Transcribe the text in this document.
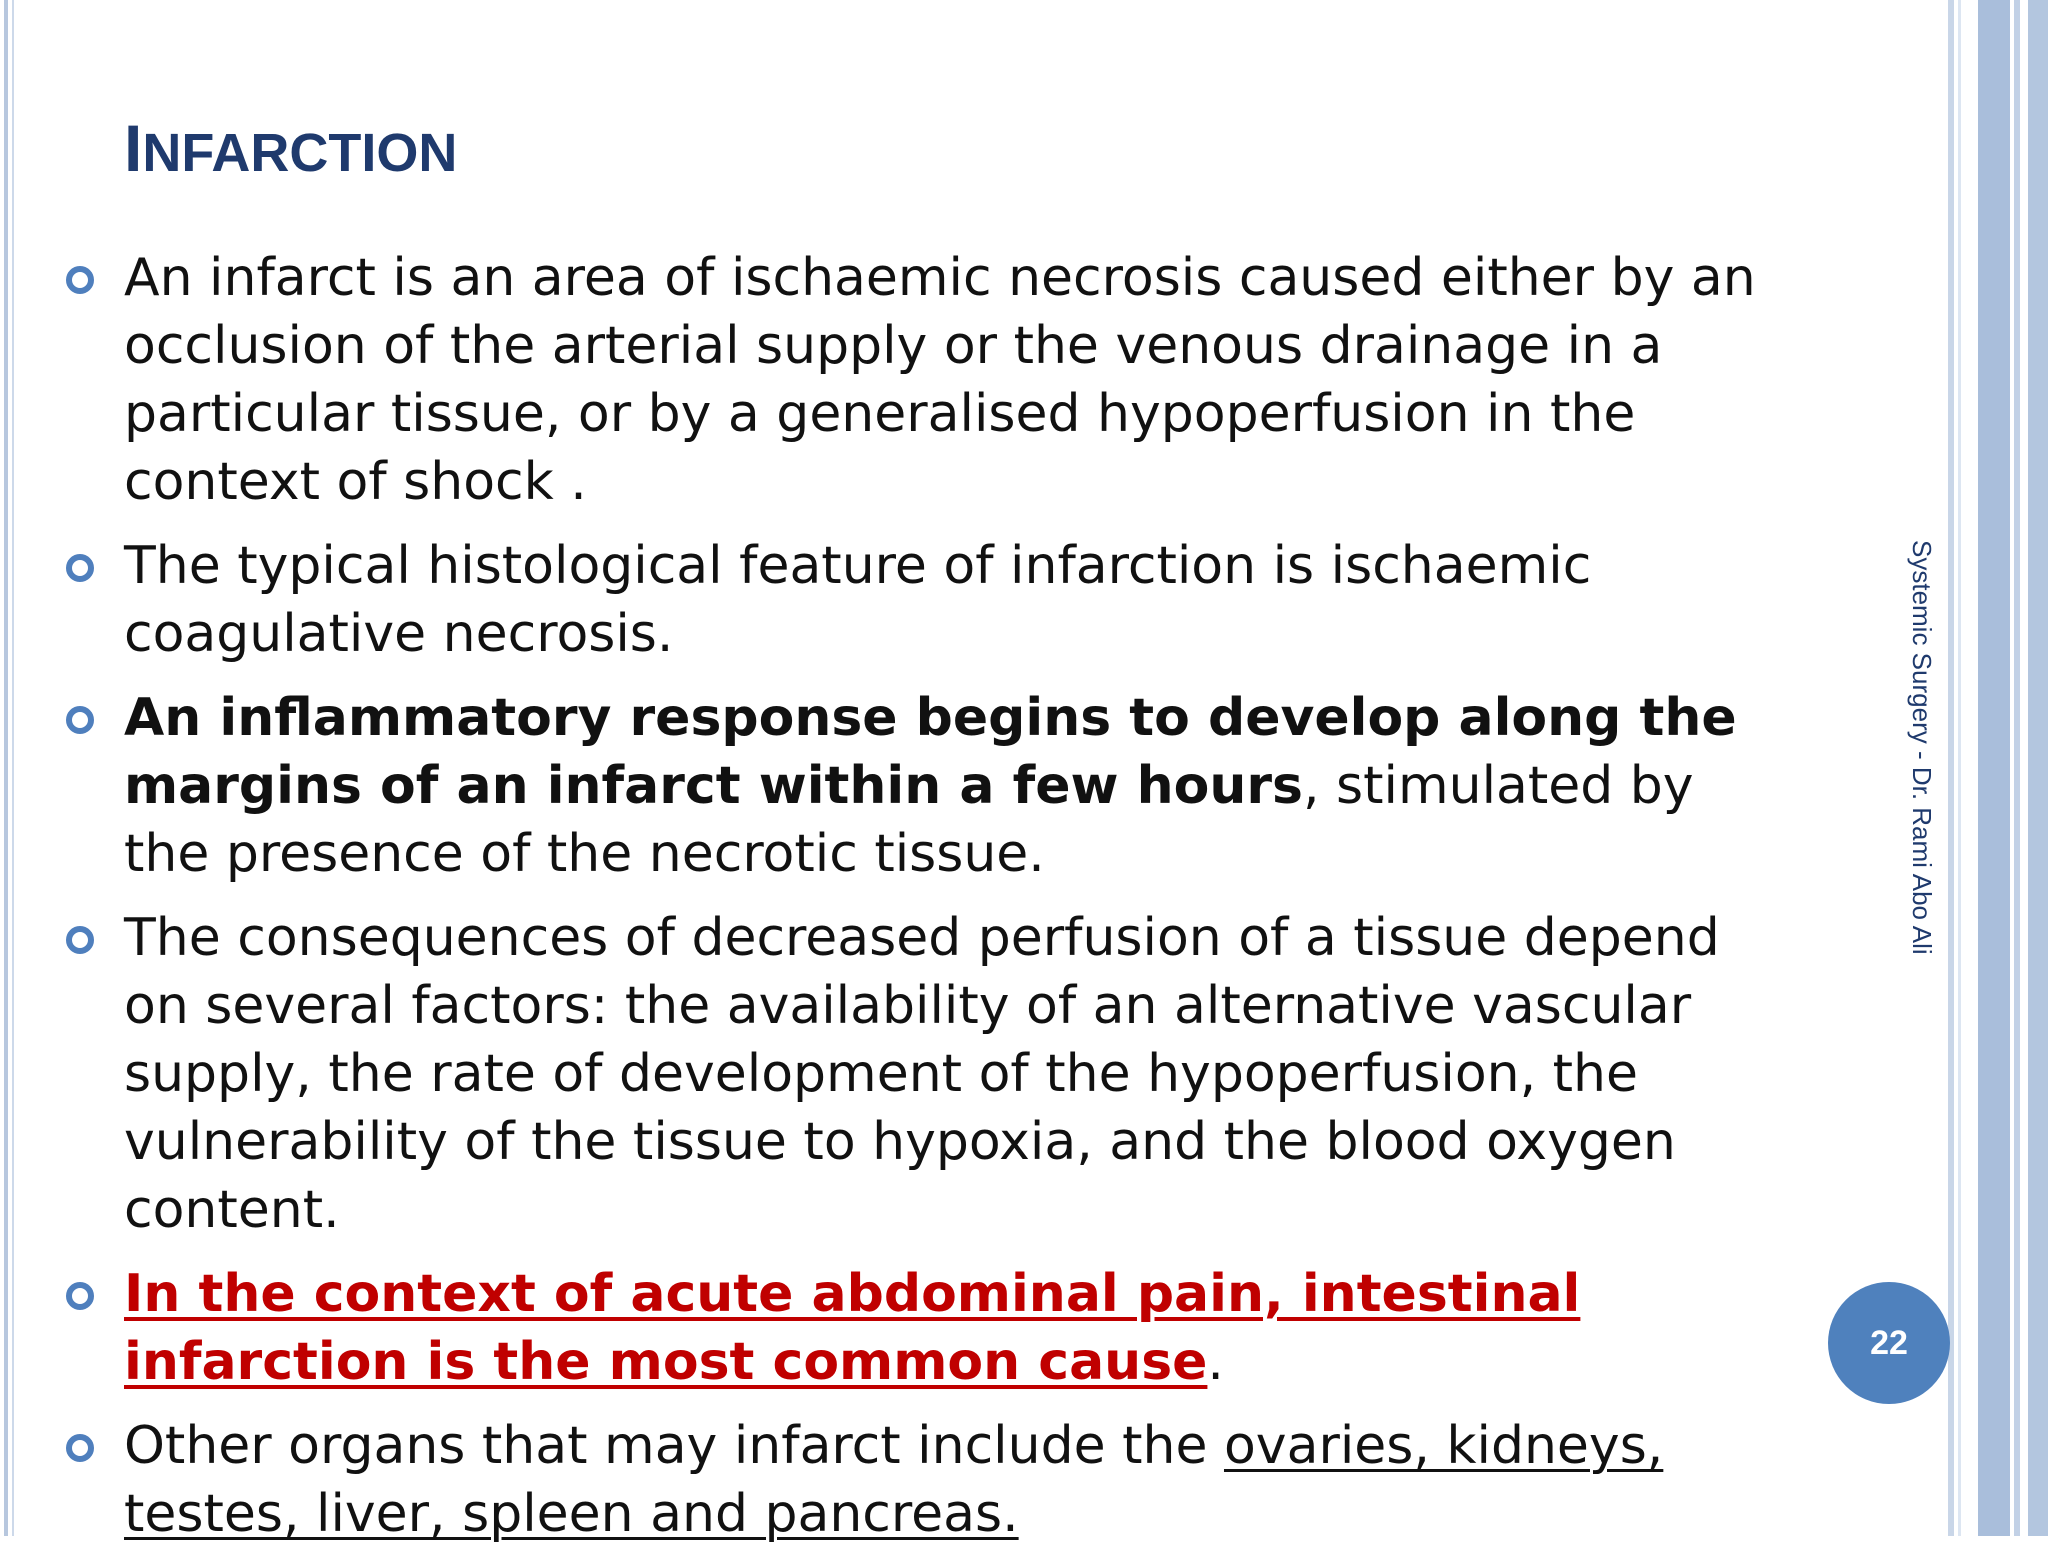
INFARCTION
An infarct is an area of ischaemic necrosis caused either by an occlusion of the arterial supply or the venous drainage in a particular tissue, or by a generalised hypoperfusion in the context of shock .
The typical histological feature of infarction is ischaemic coagulative necrosis.
An inflammatory response begins to develop along the margins of an infarct within a few hours, stimulated by the presence of the necrotic tissue.
The consequences of decreased perfusion of a tissue depend on several factors: the availability of an alternative vascular supply, the rate of development of the hypoperfusion, the vulnerability of the tissue to hypoxia, and the blood oxygen content.
In the context of acute abdominal pain, intestinal infarction is the most common cause.
Other organs that may infarct include the ovaries, kidneys, testes, liver, spleen and pancreas.
Systemic Surgery - Dr. Rami Abo Ali
22
